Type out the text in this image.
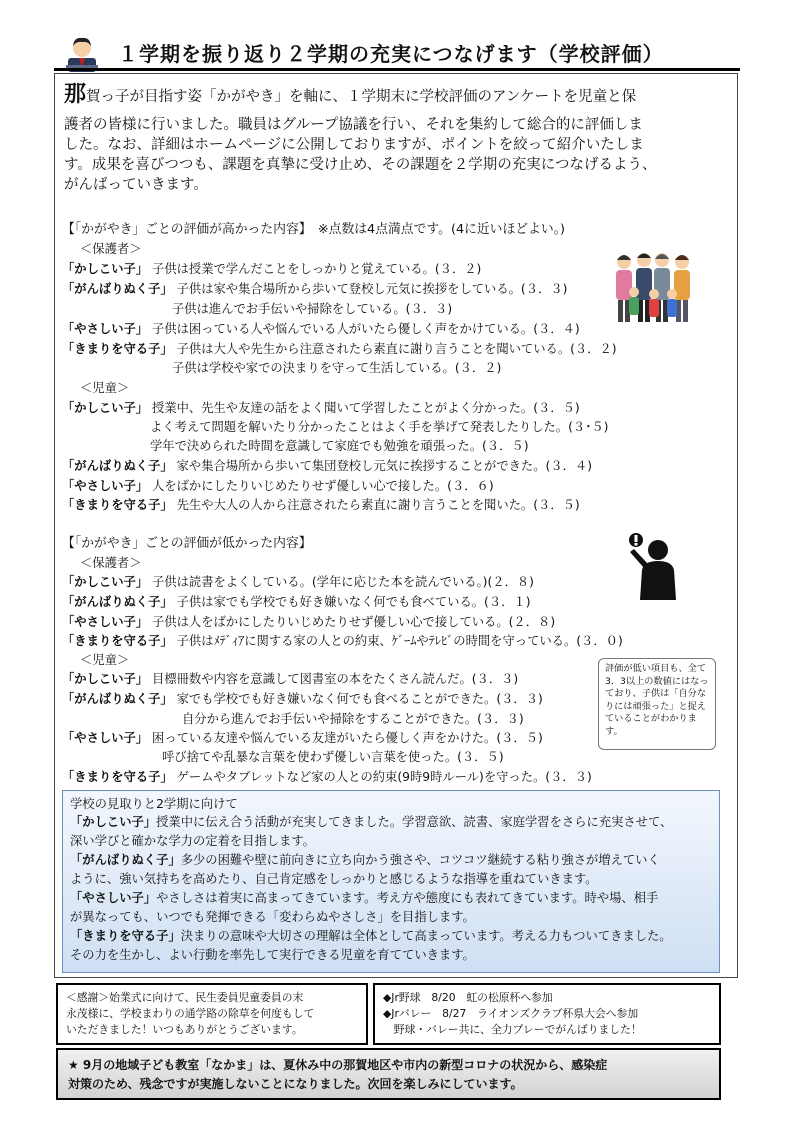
１学期を振り返り２学期の充実につなげます（学校評価）
那賀っ子が目指す姿「かがやき」を軸に、１学期末に学校評価のアンケートを児童と保
護者の皆様に行いました。職員はグループ協議を行い、それを集約して総合的に評価しま
した。なお、詳細はホームページに公開しておりますが、ポイントを絞って紹介いたしま
す。成果を喜びつつも、課題を真摯に受け止め、その課題を２学期の充実につなげるよう、
がんばっていきます。
【「かがやき」ごとの評価が高かった内容】　※点数は4点満点です。(4に近いほどよい。)
＜保護者＞
「かしこい子」 子供は授業で学んだことをしっかりと覚えている。(３．２)
「がんばりぬく子」 子供は家や集合場所から歩いて登校し元気に挨拶をしている。(３．３)
子供は進んでお手伝いや掃除をしている。(３．３)
「やさしい子」 子供は困っている人や悩んでいる人がいたら優しく声をかけている。(３．４)
「きまりを守る子」 子供は大人や先生から注意されたら素直に謝り言うことを聞いている。(３．２)
子供は学校や家での決まりを守って生活している。(３．２)
＜児童＞
「かしこい子」 授業中、先生や友達の話をよく聞いて学習したことがよく分かった。(３．５)
よく考えて問題を解いたり分かったことはよく手を挙げて発表したりした。(３･５)
学年で決められた時間を意識して家庭でも勉強を頑張った。(３．５)
「がんばりぬく子」 家や集合場所から歩いて集団登校し元気に挨拶することができた。(３．４)
「やさしい子」 人をばかにしたりいじめたりせず優しい心で接した。(３．６)
「きまりを守る子」 先生や大人の人から注意されたら素直に謝り言うことを聞いた。(３．５)
【「かがやき」ごとの評価が低かった内容】
＜保護者＞
「かしこい子」 子供は読書をよくしている。(学年に応じた本を読んでいる。)(２．８)
「がんばりぬく子」 子供は家でも学校でも好き嫌いなく何でも食べている。(３．１)
「やさしい子」 子供は人をばかにしたりいじめたりせず優しい心で接している。(２．８)
「きまりを守る子」 子供はﾒﾃﾞｨｱに関する家の人との約束、ｹﾞｰﾑやﾃﾚﾋﾞの時間を守っている。(３．０)
＜児童＞
「かしこい子」 目標冊数や内容を意識して図書室の本をたくさん読んだ。(３．３)
「がんばりぬく子」 家でも学校でも好き嫌いなく何でも食べることができた。(３．３)
自分から進んでお手伝いや掃除をすることができた。(３．３)
「やさしい子」 困っている友達や悩んでいる友達がいたら優しく声をかけた。(３．５)
呼び捨てや乱暴な言葉を使わず優しい言葉を使った。(３．５)
「きまりを守る子」 ゲームやタブレットなど家の人との約束(9時9時ルール)を守った。(３．３)
評価が低い項目も、全て3．3以上の数値にはなっており、子供は「自分なりには頑張った」と捉えていることがわかります。
学校の見取りと2学期に向けて
「かしこい子」授業中に伝え合う活動が充実してきました。学習意欲、読書、家庭学習をさらに充実させて、
深い学びと確かな学力の定着を目指します。
「がんばりぬく子」多少の困難や壁に前向きに立ち向かう強さや、コツコツ継続する粘り強さが増えていく
ように、強い気持ちを高めたり、自己肯定感をしっかりと感じるような指導を重ねていきます。
「やさしい子」やさしさは着実に高まってきています。考え方や態度にも表れてきています。時や場、相手
が異なっても、いつでも発揮できる「変わらぬやさしさ」を目指します。
「きまりを守る子」決まりの意味や大切さの理解は全体として高まっています。考える力もついてきました。
その力を生かし、よい行動を率先して実行できる児童を育てていきます。
＜感謝＞始業式に向けて、民生委員児童委員の末
永茂様に、学校まわりの通学路の除草を何度もして
いただきました！いつもありがとうございます。
◆Jr野球　8/20　虹の松原杯へ参加
◆Jrバレー　8/27　ライオンズクラブ杯県大会へ参加
　野球・バレー共に、全力プレーでがんばりました！
★ 9月の地域子ども教室「なかま」は、夏休み中の那賀地区や市内の新型コロナの状況から、感染症
対策のため、残念ですが実施しないことになりました。次回を楽しみにしています。
